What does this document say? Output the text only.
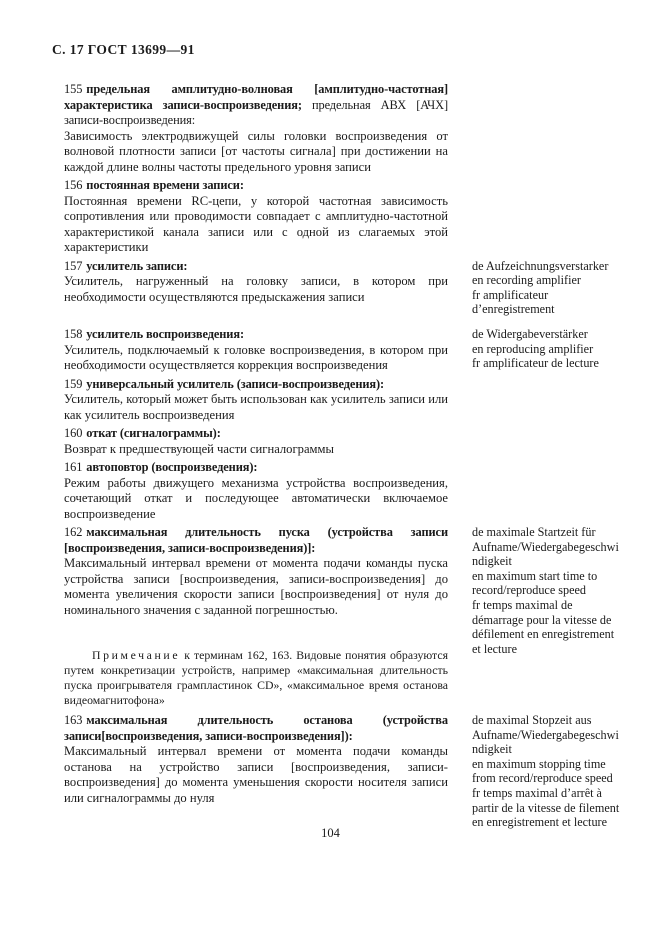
С. 17 ГОСТ 13699—91

155 предельная амплитудно-волновая [амплитудно-частотная] характеристика записи-воспроизведения; предельная АВХ [АЧХ] записи-воспроизведения:

Зависимость электродвижущей силы головки воспроизведения от волновой плотности записи [от частоты сигнала] при достижении на каждой длине волны частоты предельного уровня записи

156 постоянная времени записи:

Постоянная времени RC-цепи, у которой частотная зависимость сопротивления или проводимости совпадает с амплитудно-частотной характеристикой канала записи или с одной из слагаемых этой характеристики

157 усилитель записи:

Усилитель, нагруженный на головку записи, в котором при необходимости осуществляются предыскажения записи

de Aufzeichnungsverstarker
en recording amplifier
fr amplificateur d’enregistrement

158 усилитель воспроизведения:

Усилитель, подключаемый к головке воспроизведения, в котором при необходимости осуществляется коррекция воспроизведения

de Widergabeverstärker
en reproducing amplifier
fr amplificateur de lecture

159 универсальный усилитель (записи-воспроизведения):

Усилитель, который может быть использован как усилитель записи или как усилитель воспроизведения

160 откат (сигналограммы):

Возврат к предшествующей части сигналограммы

161 автоповтор (воспроизведения):

Режим работы движущего механизма устройства воспроизведения, сочетающий откат и последующее автоматически включаемое воспроизведение

162 максимальная длительность пуска (устройства записи [воспроизведения, записи-воспроизведения)]:

Максимальный интервал времени от момента подачи команды пуска устройства записи [воспроизведения, записи-воспроизведения] до момента увеличения скорости записи [воспроизведения] от нуля до номинального значения с заданной погрешностью.

de maximale Startzeit für Aufname/Wiedergabegeschwindigkeit
en maximum start time to record/reproduce speed
fr temps maximal de démarrage pour la vitesse de défilement en enregistrement et lecture

Примечание к терминам 162, 163. Видовые понятия образуются путем конкретизации устройств, например «максимальная длительность пуска проигрывателя грампластинок CD», «максимальное время останова видеомагнитофона»

163 максимальная длительность останова (устройства записи[воспроизведения, записи-воспроизведения]):

Максимальный интервал времени от момента подачи команды останова на устройство записи [воспроизведения, записи-воспроизведения] до момента уменьшения скорости носителя записи или сигналограммы до нуля

de maximal Stopzeit aus Aufname/Wiedergabegeschwindigkeit
en maximum stopping time from record/reproduce speed
fr temps maximal d’arrêt à partir de la vitesse de filement en enregistrement et lecture
104
